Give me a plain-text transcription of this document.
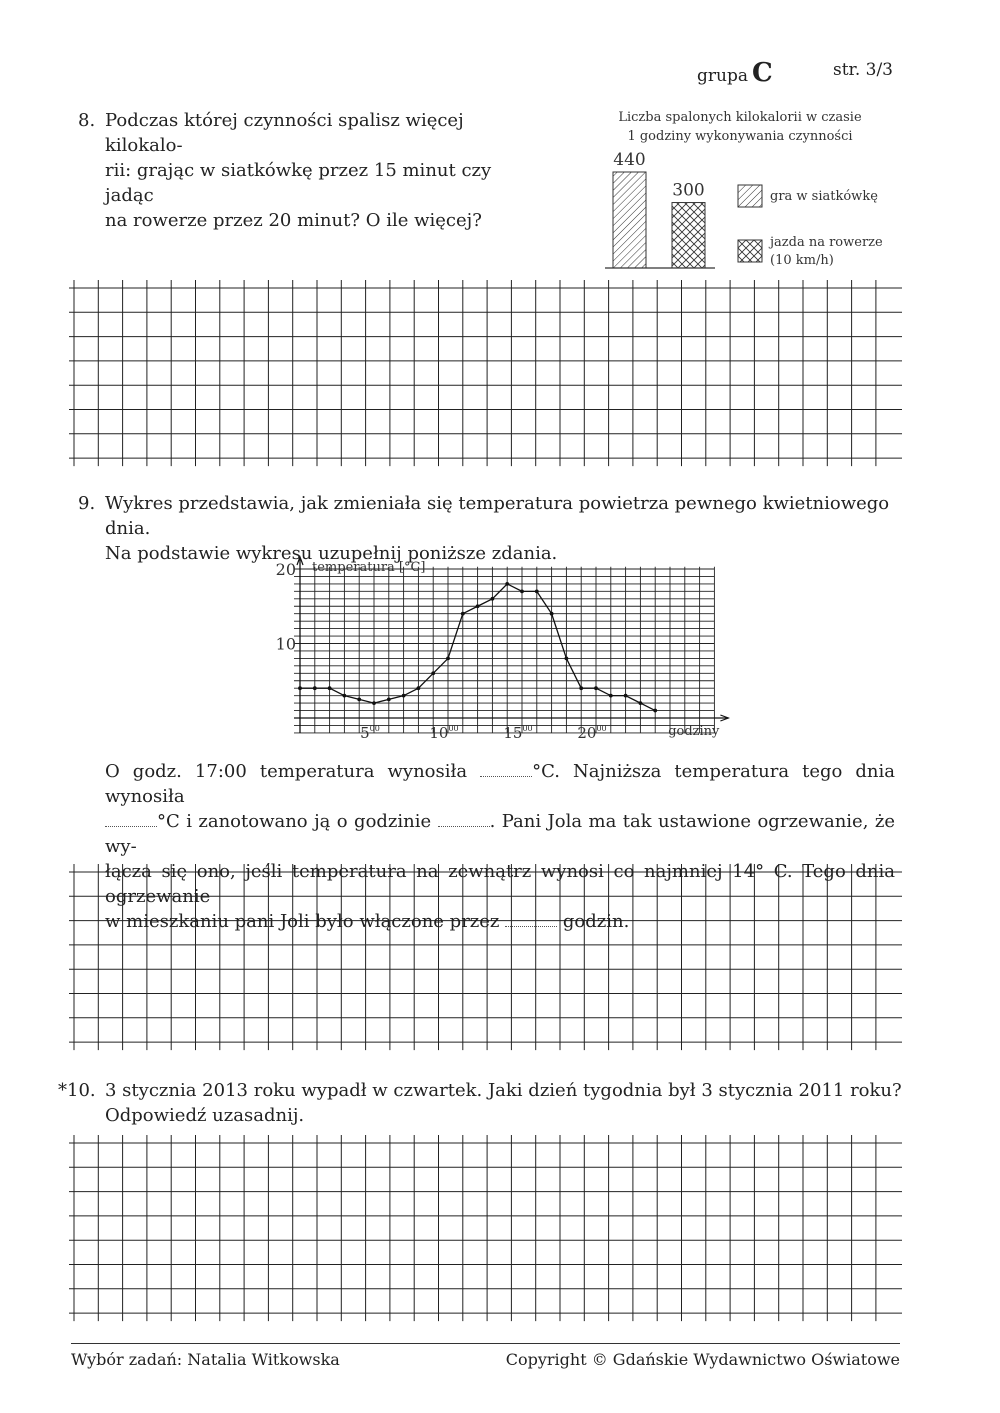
grupa C	str. 3/3
8. Podczas której czynności spalisz więcej kilokalo-
rii: grając w siatkówkę przez 15 minut czy jadąc
na rowerze przez 20 minut? O ile więcej?
Liczba spalonych kilokalorii w czasie
1 godziny wykonywania czynności
440
300	gra w siatkówkę
jazda na rowerze
(10 km/h)
9. Wykres przedstawia, jak zmieniała się temperatura powietrza pewnego kwietniowego dnia.
Na podstawie wykresu uzupełnij poniższe zdania.
20
10
$5^{00}$	$10^{00}$	$15^{00}$	$20^{00}$
temperatura [°C]
godziny
O godz. 17:00 temperatura wynosiła	°C. Najniższa temperatura tego dnia wynosiła
°C i zanotowano ją o godzinie	. Pani Jola ma tak ustawione ogrzewanie, że wy-
łącza się ono, jeśli temperatura na zewnątrz wynosi co najmniej 14° C. Tego dnia ogrzewanie
w mieszkaniu pani Joli było włączone przez	godzin.
*10. 3 stycznia 2013 roku wypadł w czwartek. Jaki dzień tygodnia był 3 stycznia 2011 roku?
Odpowiedź uzasadnij.
Wybór zadań: Natalia Witkowska	Copyright © Gdańskie Wydawnictwo Oświatowe
